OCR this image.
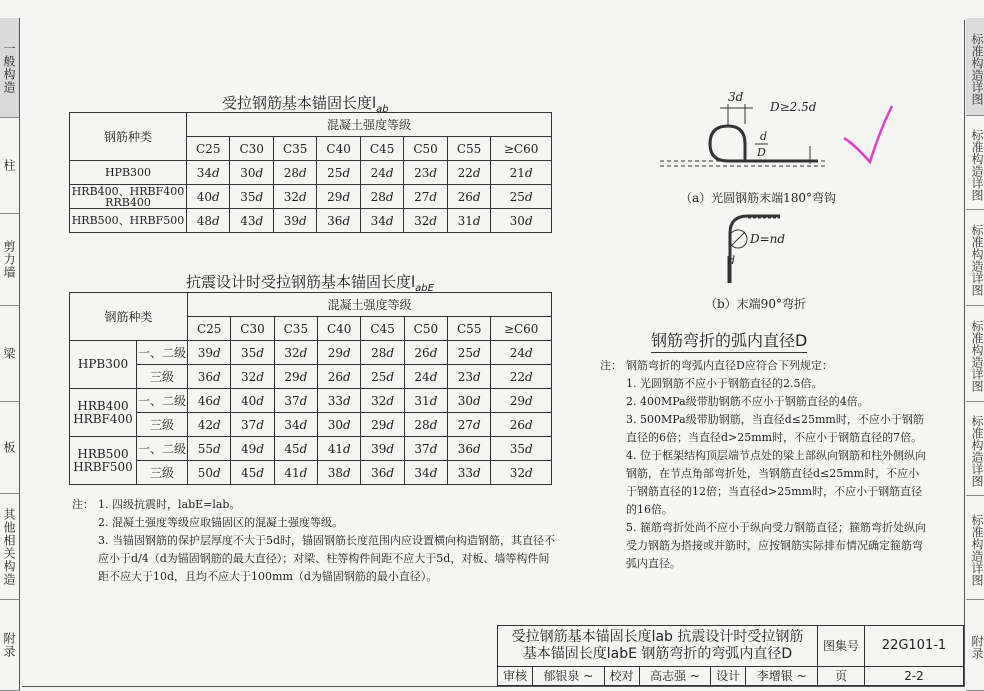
一般构造
柱
剪力墙
梁
板
其他相关构造
附录
标准构造详图
标准构造详图
标准构造详图
标准构造详图
标准构造详图
标准构造详图
附录
受拉钢筋基本锚固长度$l_{ab}$
钢筋种类	混凝土强度等级							
	C25	C30	C35	C40	C45	C50	C55	≥C60
HPB300	34d	30d	28d	25d	24d	23d	22d	21d
HRB400、HRBF400 RRB400	40d	35d	32d	29d	28d	27d	26d	25d
HRB500、HRBF500	48d	43d	39d	36d	34d	32d	31d	30d
抗震设计时受拉钢筋基本锚固长度$l_{abE}$
钢筋种类		混凝土强度等级							
		C25	C30	C35	C40	C45	C50	C55	≥C60
HPB300	一、二级	39d	35d	32d	29d	28d	26d	25d	24d
	三级	36d	32d	29d	26d	25d	24d	23d	22d
HRB400 HRBF400	一、二级	46d	40d	37d	33d	32d	31d	30d	29d
	三级	42d	37d	34d	30d	29d	28d	27d	26d
HRB500 HRBF500	一、二级	55d	49d	45d	41d	39d	37d	36d	35d
	三级	50d	45d	41d	38d	36d	34d	33d	32d
注： 1. 四级抗震时，labE=lab。
2. 混凝土强度等级应取锚固区的混凝土强度等级。
3. 当锚固钢筋的保护层厚度不大于5d时，锚固钢筋长度范围内应设置横向构造钢筋，其直径不应小于d/4（d为锚固钢筋的最大直径）；对梁、柱等构件间距不应大于5d，对板、墙等构件间距不应大于10d，且均不应大于100mm（d为锚固钢筋的最小直径）。
3d
D≥2.5d
d
D
（a）光圆钢筋末端180°弯钩
D=nd
d
（b）末端90°弯折
钢筋弯折的弧内直径D
注： 钢筋弯折的弯弧内直径D应符合下列规定：
1. 光圆钢筋不应小于钢筋直径的2.5倍。
2. 400MPa级带肋钢筋不应小于钢筋直径的4倍。
3. 500MPa级带肋钢筋，当直径d≤25mm时，不应小于钢筋直径的6倍；当直径d>25mm时，不应小于钢筋直径的7倍。
4. 位于框架结构顶层端节点处的梁上部纵向钢筋和柱外侧纵向钢筋，在节点角部弯折处，当钢筋直径d≤25mm时，不应小于钢筋直径的12倍；当直径d>25mm时，不应小于钢筋直径的16倍。
5. 箍筋弯折处尚不应小于纵向受力钢筋直径；箍筋弯折处纵向受力钢筋为搭接或并筋时，应按钢筋实际排布情况确定箍筋弯弧内直径。
受拉钢筋基本锚固长度lab 抗震设计时受拉钢筋
基本锚固长度labE 钢筋弯折的弯弧内直径D						图集号	22G101-1
审核	郁银泉 ~	校对	高志强 ~	设计	李增银 ~	页	2-2
